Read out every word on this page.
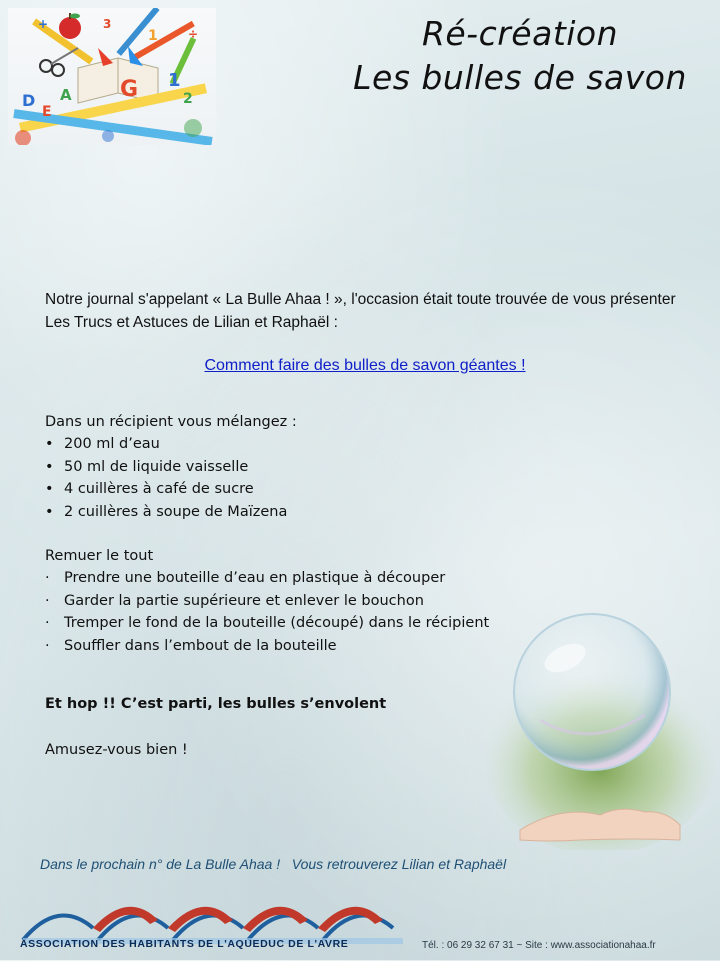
D
E
A G 1
2
1
3
+
÷	Ré-création
Les bulles de savon

Notre journal s'appelant « La Bulle Ahaa ! », l'occasion était toute trouvée de vous présenter Les Trucs et Astuces de Lilian et Raphaël :

Comment faire des bulles de savon géantes !
Dans un récipient vous mélangez :
• 200 ml d’eau
• 50 ml de liquide vaisselle
• 4 cuillères à café de sucre
• 2 cuillères à soupe de Maïzena
Remuer le tout
· Prendre une bouteille d’eau en plastique à découper
· Garder la partie supérieure et enlever le bouchon
· Tremper le fond de la bouteille (découpé) dans le récipient
· Souffler dans l’embout de la bouteille
Et hop !! C’est parti, les bulles s’envolent
Amusez-vous bien !
Dans le prochain n° de La Bulle Ahaa !   Vous retrouverez Lilian et Raphaël
ASSOCIATION DES HABITANTS DE L'AQUEDUC DE L'AVRE	Tél. : 06 29 32 67 31 ~ Site : www.associationahaa.fr
